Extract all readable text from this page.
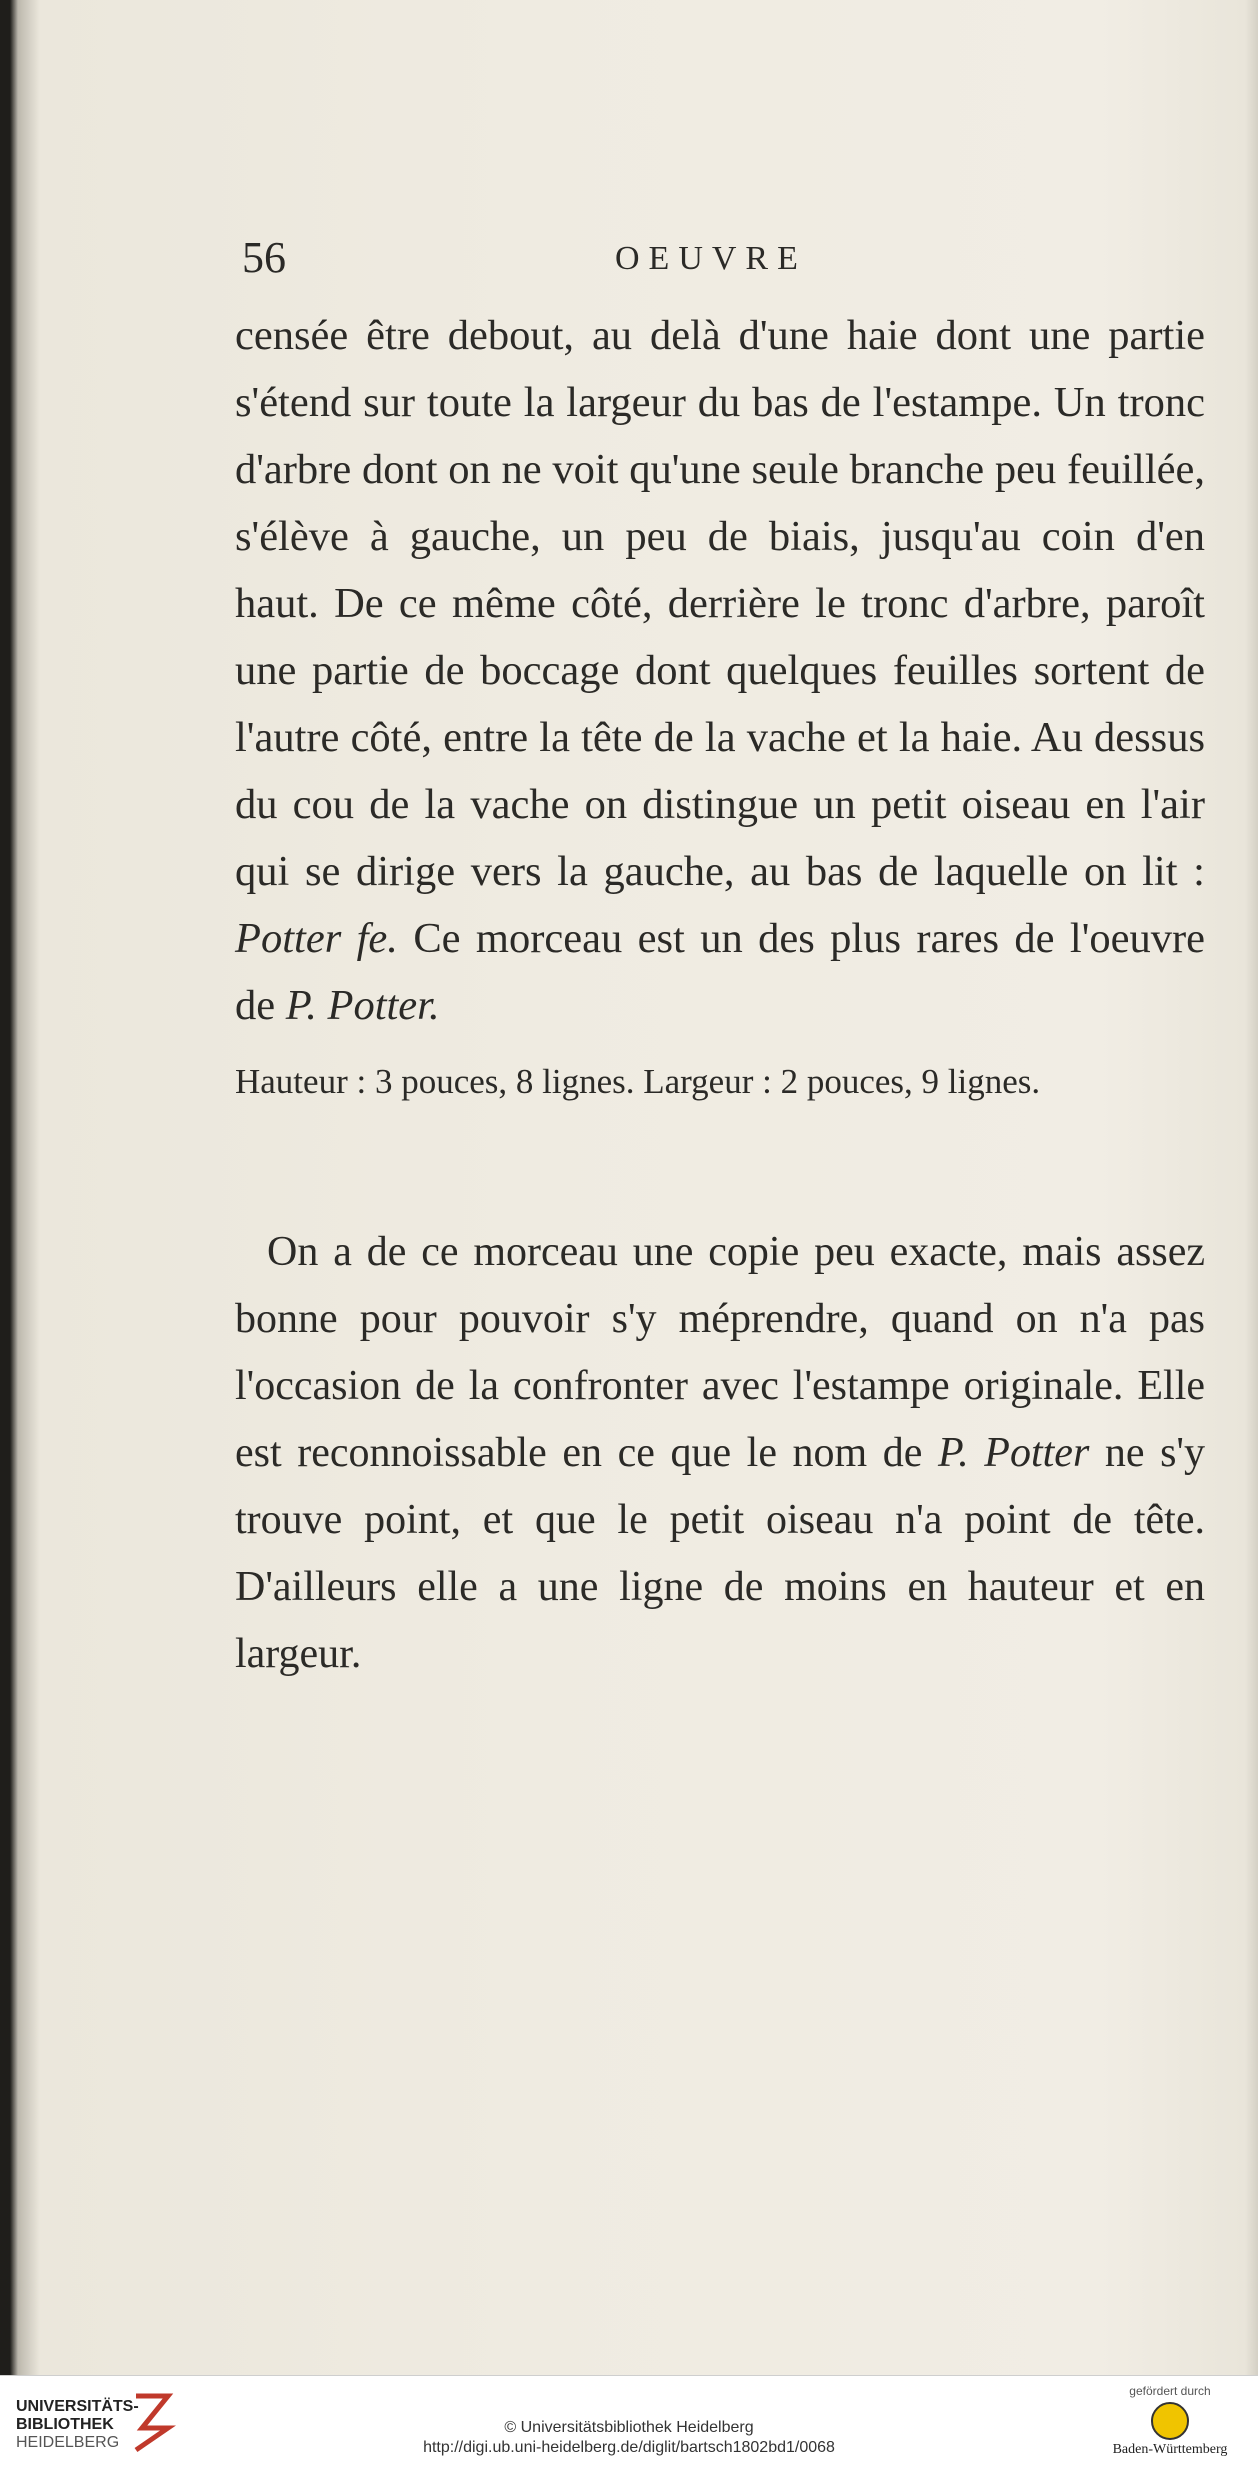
56	OEUVRE

censée être debout, au delà d'une haie dont une partie s'étend sur toute la largeur du bas de l'estampe. Un tronc d'arbre dont on ne voit qu'une seule branche peu feuillée, s'élève à gauche, un peu de biais, jusqu'au coin d'en haut. De ce même côté, derrière le tronc d'arbre, paroît une partie de boccage dont quelques feuilles sortent de l'autre côté, entre la tête de la vache et la haie. Au dessus du cou de la vache on distingue un petit oiseau en l'air qui se dirige vers la gauche, au bas de laquelle on lit : Potter fe. Ce morceau est un des plus rares de l'oeuvre de P. Potter.

Hauteur : 3 pouces, 8 lignes. Largeur : 2 pouces, 9 lignes.

On a de ce morceau une copie peu exacte, mais assez bonne pour pouvoir s'y méprendre, quand on n'a pas l'occasion de la confronter avec l'estampe originale. Elle est reconnoissable en ce que le nom de P. Potter ne s'y trouve point, et que le petit oiseau n'a point de tête. D'ailleurs elle a une ligne de moins en hauteur et en largeur.

UNIVERSITÄTS-
BIBLIOTHEK
HEIDELBERG
© Universitätsbibliothek Heidelberg
http://digi.ub.uni-heidelberg.de/diglit/bartsch1802bd1/0068
gefördert durch
Baden-Württemberg
